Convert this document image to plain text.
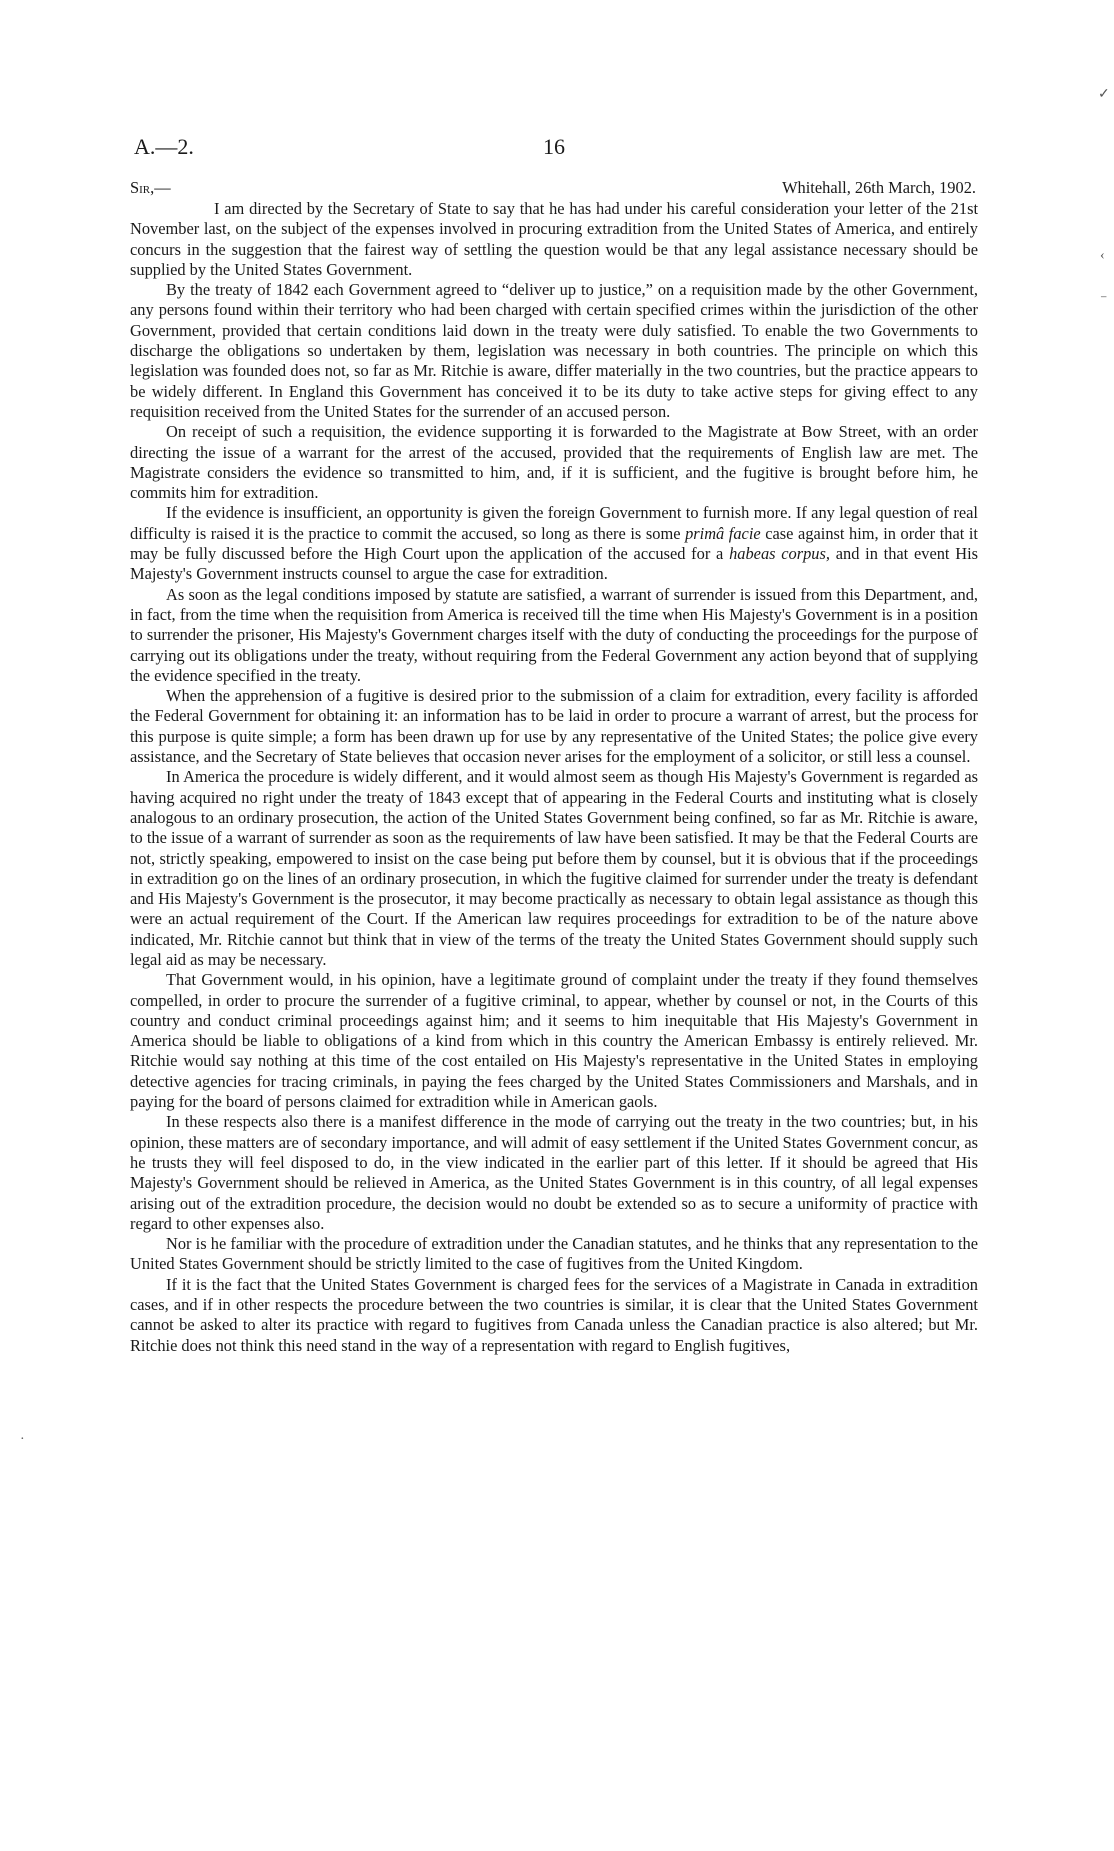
A.—2.	16
Sir,—	Whitehall, 26th March, 1902.

I am directed by the Secretary of State to say that he has had under his careful consideration your letter of the 21st November last, on the subject of the expenses involved in procuring extradition from the United States of America, and entirely concurs in the suggestion that the fairest way of settling the question would be that any legal assistance necessary should be supplied by the United States Government.

By the treaty of 1842 each Government agreed to “deliver up to justice,” on a requisition made by the other Government, any persons found within their territory who had been charged with certain specified crimes within the jurisdiction of the other Government, provided that certain conditions laid down in the treaty were duly satisfied. To enable the two Governments to discharge the obligations so undertaken by them, legislation was necessary in both countries. The principle on which this legislation was founded does not, so far as Mr. Ritchie is aware, differ materially in the two countries, but the practice appears to be widely different. In England this Government has conceived it to be its duty to take active steps for giving effect to any requisition received from the United States for the surrender of an accused person.

On receipt of such a requisition, the evidence supporting it is forwarded to the Magistrate at Bow Street, with an order directing the issue of a warrant for the arrest of the accused, provided that the requirements of English law are met. The Magistrate considers the evidence so transmitted to him, and, if it is sufficient, and the fugitive is brought before him, he commits him for extradition.

If the evidence is insufficient, an opportunity is given the foreign Government to furnish more. If any legal question of real difficulty is raised it is the practice to commit the accused, so long as there is some primâ facie case against him, in order that it may be fully discussed before the High Court upon the application of the accused for a habeas corpus, and in that event His Majesty's Government instructs counsel to argue the case for extradition.

As soon as the legal conditions imposed by statute are satisfied, a warrant of surrender is issued from this Department, and, in fact, from the time when the requisition from America is received till the time when His Majesty's Government is in a position to surrender the prisoner, His Majesty's Government charges itself with the duty of conducting the proceedings for the purpose of carrying out its obligations under the treaty, without requiring from the Federal Government any action beyond that of supplying the evidence specified in the treaty.

When the apprehension of a fugitive is desired prior to the submission of a claim for extradition, every facility is afforded the Federal Government for obtaining it: an information has to be laid in order to procure a warrant of arrest, but the process for this purpose is quite simple; a form has been drawn up for use by any representative of the United States; the police give every assistance, and the Secretary of State believes that occasion never arises for the employment of a solicitor, or still less a counsel.

In America the procedure is widely different, and it would almost seem as though His Majesty's Government is regarded as having acquired no right under the treaty of 1843 except that of appearing in the Federal Courts and instituting what is closely analogous to an ordinary prosecution, the action of the United States Government being confined, so far as Mr. Ritchie is aware, to the issue of a warrant of surrender as soon as the requirements of law have been satisfied. It may be that the Federal Courts are not, strictly speaking, empowered to insist on the case being put before them by counsel, but it is obvious that if the proceedings in extradition go on the lines of an ordinary prosecution, in which the fugitive claimed for surrender under the treaty is defendant and His Majesty's Government is the prosecutor, it may become practically as necessary to obtain legal assistance as though this were an actual requirement of the Court. If the American law requires proceedings for extradition to be of the nature above indicated, Mr. Ritchie cannot but think that in view of the terms of the treaty the United States Government should supply such legal aid as may be necessary.

That Government would, in his opinion, have a legitimate ground of complaint under the treaty if they found themselves compelled, in order to procure the surrender of a fugitive criminal, to appear, whether by counsel or not, in the Courts of this country and conduct criminal proceedings against him; and it seems to him inequitable that His Majesty's Government in America should be liable to obligations of a kind from which in this country the American Embassy is entirely relieved. Mr. Ritchie would say nothing at this time of the cost entailed on His Majesty's representative in the United States in employing detective agencies for tracing criminals, in paying the fees charged by the United States Commissioners and Marshals, and in paying for the board of persons claimed for extradition while in American gaols.

In these respects also there is a manifest difference in the mode of carrying out the treaty in the two countries; but, in his opinion, these matters are of secondary importance, and will admit of easy settlement if the United States Government concur, as he trusts they will feel disposed to do, in the view indicated in the earlier part of this letter. If it should be agreed that His Majesty's Government should be relieved in America, as the United States Government is in this country, of all legal expenses arising out of the extradition procedure, the decision would no doubt be extended so as to secure a uniformity of practice with regard to other expenses also.

Nor is he familiar with the procedure of extradition under the Canadian statutes, and he thinks that any representation to the United States Government should be strictly limited to the case of fugitives from the United Kingdom.

If it is the fact that the United States Government is charged fees for the services of a Magistrate in Canada in extradition cases, and if in other respects the procedure between the two countries is similar, it is clear that the United States Government cannot be asked to alter its practice with regard to fugitives from Canada unless the Canadian practice is also altered; but Mr. Ritchie does not think this need stand in the way of a representation with regard to English fugitives,

✓
‹
⁻
·
